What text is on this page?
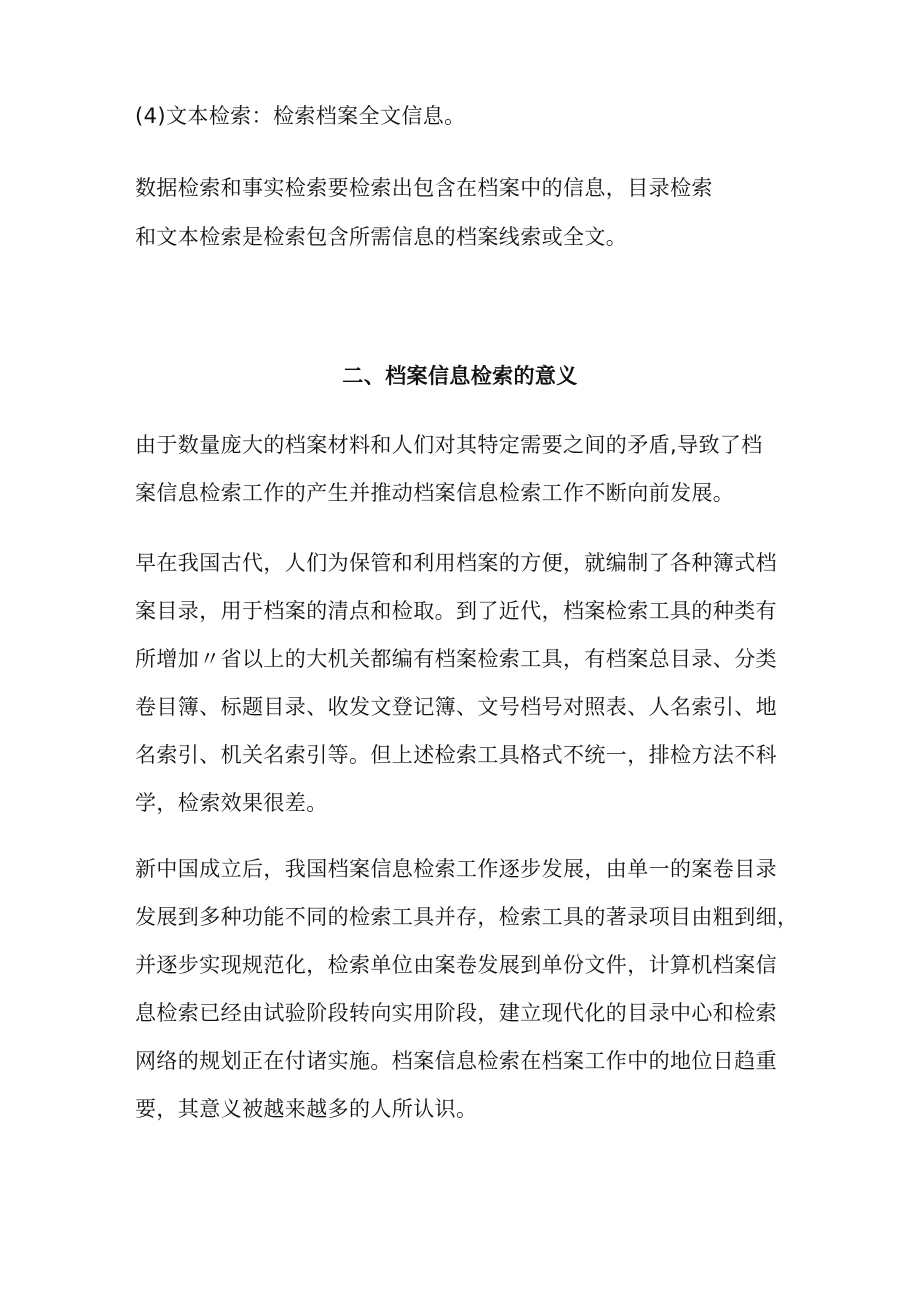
(4)文本检索：检索档案全文信息。
数据检索和事实检索要检索出包含在档案中的信息，目录检索
和文本检索是检索包含所需信息的档案线索或全文。
二、档案信息检索的意义
由于数量庞大的档案材料和人们对其特定需要之间的矛盾,导致了档
案信息检索工作的产生并推动档案信息检索工作不断向前发展。
早在我国古代，人们为保管和利用档案的方便，就编制了各种簿式档
案目录，用于档案的清点和检取。到了近代，档案检索工具的种类有
所增加〃省以上的大机关都编有档案检索工具，有档案总目录、分类
卷目簿、标题目录、收发文登记簿、文号档号对照表、人名索引、地
名索引、机关名索引等。但上述检索工具格式不统一，排检方法不科
学，检索效果很差。
新中国成立后，我国档案信息检索工作逐步发展，由单一的案卷目录
发展到多种功能不同的检索工具并存，检索工具的著录项目由粗到细，
并逐步实现规范化，检索单位由案卷发展到单份文件，计算机档案信
息检索已经由试验阶段转向实用阶段，建立现代化的目录中心和检索
网络的规划正在付诸实施。档案信息检索在档案工作中的地位日趋重
要，其意义被越来越多的人所认识。
